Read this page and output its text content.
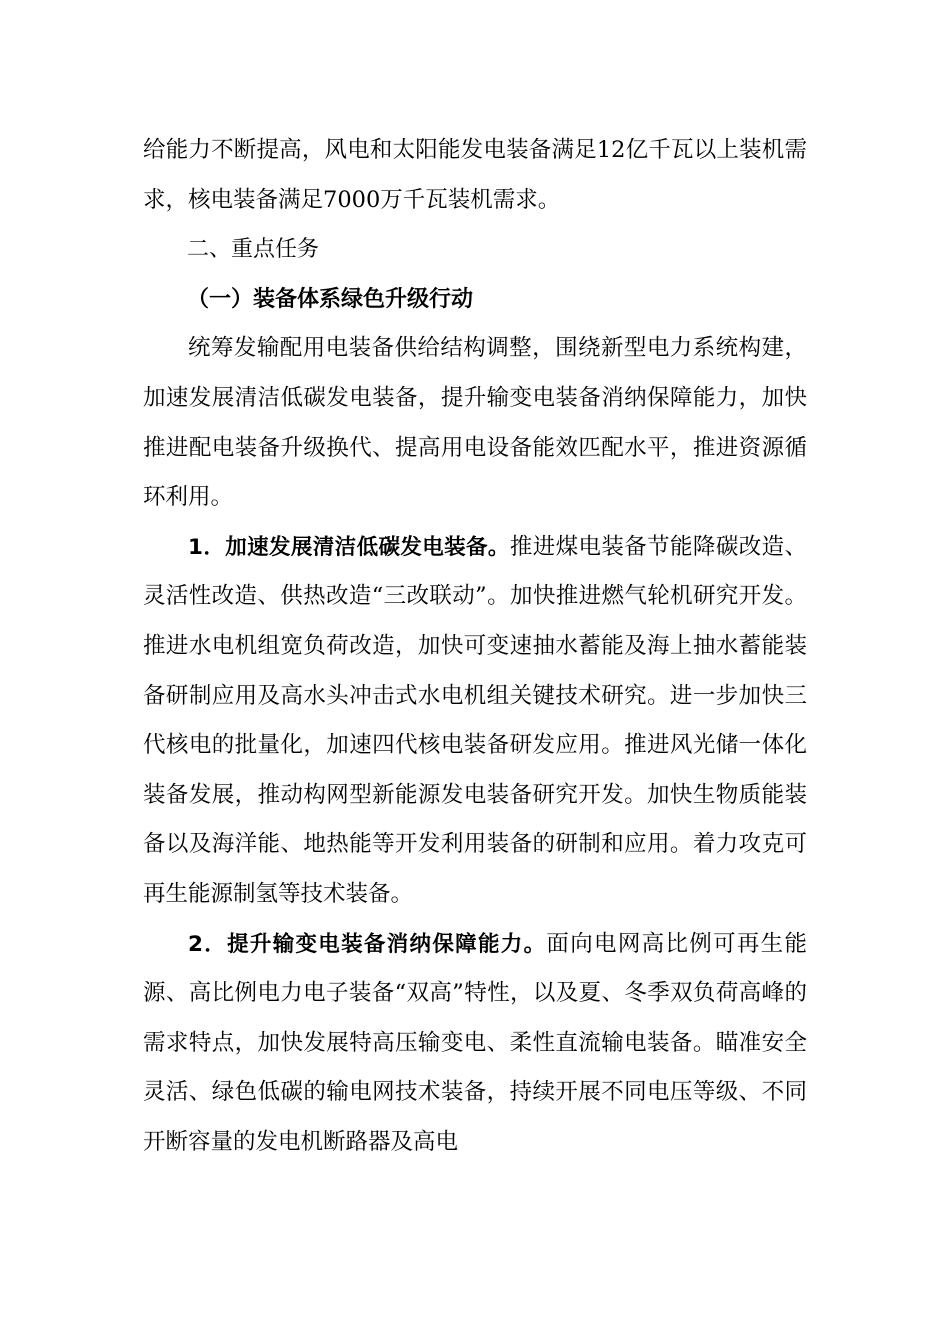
给能力不断提高，风电和太阳能发电装备满足12亿千瓦以上装机需求，核电装备满足7000万千瓦装机需求。

二、重点任务

（一）装备体系绿色升级行动

统筹发输配用电装备供给结构调整，围绕新型电力系统构建，加速发展清洁低碳发电装备，提升输变电装备消纳保障能力，加快推进配电装备升级换代、提高用电设备能效匹配水平，推进资源循环利用。

1．加速发展清洁低碳发电装备。推进煤电装备节能降碳改造、灵活性改造、供热改造“三改联动”。加快推进燃气轮机研究开发。推进水电机组宽负荷改造，加快可变速抽水蓄能及海上抽水蓄能装备研制应用及高水头冲击式水电机组关键技术研究。进一步加快三代核电的批量化，加速四代核电装备研发应用。推进风光储一体化装备发展，推动构网型新能源发电装备研究开发。加快生物质能装备以及海洋能、地热能等开发利用装备的研制和应用。着力攻克可再生能源制氢等技术装备。

2．提升输变电装备消纳保障能力。面向电网高比例可再生能源、高比例电力电子装备“双高”特性，以及夏、冬季双负荷高峰的需求特点，加快发展特高压输变电、柔性直流输电装备。瞄准安全灵活、绿色低碳的输电网技术装备，持续开展不同电压等级、不同开断容量的发电机断路器及高电
